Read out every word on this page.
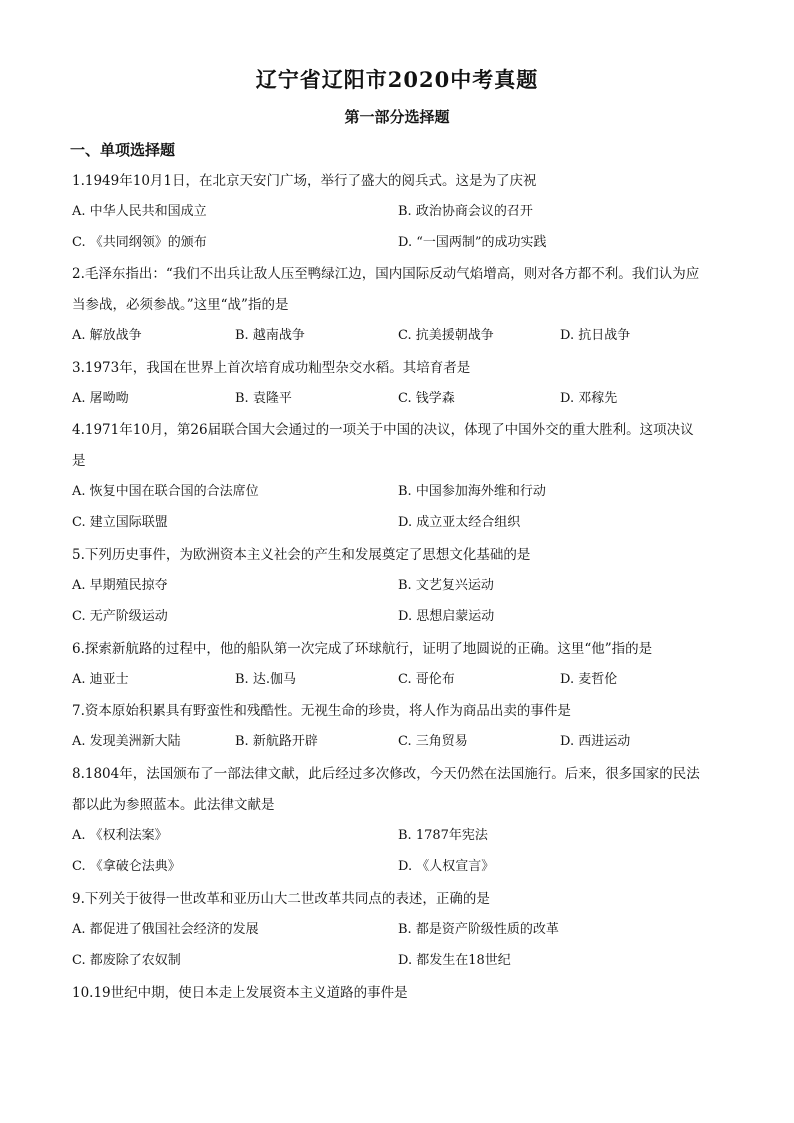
辽宁省辽阳市2020中考真题
第一部分选择题
一、单项选择题
1.1949年10月1日，在北京天安门广场，举行了盛大的阅兵式。这是为了庆祝
A. 中华人民共和国成立	B. 政治协商会议的召开
C. 《共同纲领》的颁布	D. “一国两制”的成功实践
2.毛泽东指出：“我们不出兵让敌人压至鸭绿江边，国内国际反动气焰增高，则对各方都不利。我们认为应
当参战，必须参战。”这里“战”指的是
A. 解放战争	B. 越南战争	C. 抗美援朝战争	D. 抗日战争
3.1973年，我国在世界上首次培育成功籼型杂交水稻。其培育者是
A. 屠呦呦	B. 袁隆平	C. 钱学森	D. 邓稼先
4.1971年10月，第26届联合国大会通过的一项关于中国的决议，体现了中国外交的重大胜利。这项决议
是
A. 恢复中国在联合国的合法席位	B. 中国参加海外维和行动
C. 建立国际联盟	D. 成立亚太经合组织
5.下列历史事件，为欧洲资本主义社会的产生和发展奠定了思想文化基础的是
A. 早期殖民掠夺	B. 文艺复兴运动
C. 无产阶级运动	D. 思想启蒙运动
6.探索新航路的过程中，他的船队第一次完成了环球航行，证明了地圆说的正确。这里“他”指的是
A. 迪亚士	B. 达.伽马	C. 哥伦布	D. 麦哲伦
7.资本原始积累具有野蛮性和残酷性。无视生命的珍贵，将人作为商品出卖的事件是
A. 发现美洲新大陆	B. 新航路开辟	C. 三角贸易	D. 西进运动
8.1804年，法国颁布了一部法律文献，此后经过多次修改，今天仍然在法国施行。后来，很多国家的民法
都以此为参照蓝本。此法律文献是
A. 《权利法案》	B. 1787年宪法
C. 《拿破仑法典》	D. 《人权宣言》
9.下列关于彼得一世改革和亚历山大二世改革共同点的表述，正确的是
A. 都促进了俄国社会经济的发展	B. 都是资产阶级性质的改革
C. 都废除了农奴制	D. 都发生在18世纪
10.19世纪中期，使日本走上发展资本主义道路的事件是
